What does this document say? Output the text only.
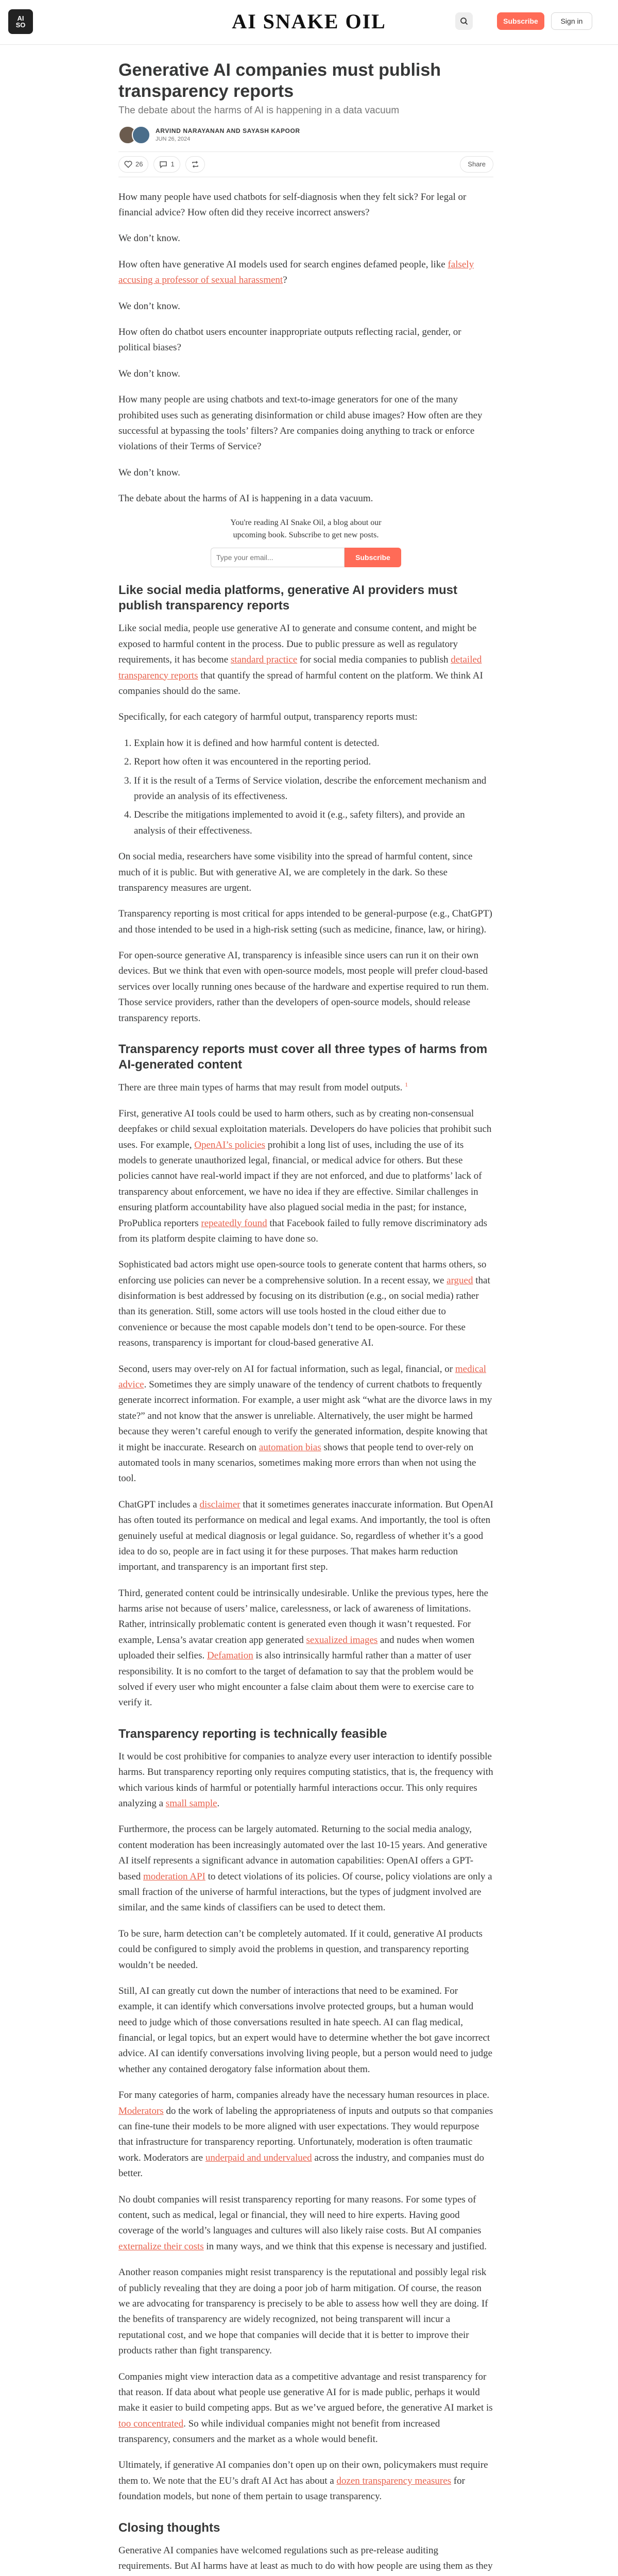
AI
SO	AI SNAKE OIL	Subscribe	Sign in
Generative AI companies must publish transparency reports
The debate about the harms of AI is happening in a data vacuum
ARVIND NARAYANAN AND SAYASH KAPOOR
JUN 26, 2024
26	1	Share

How many people have used chatbots for self-diagnosis when they felt sick? For legal or financial advice? How often did they receive incorrect answers?

We don’t know.

How often have generative AI models used for search engines defamed people, like falsely accusing a professor of sexual harassment?

We don’t know.

How often do chatbot users encounter inappropriate outputs reflecting racial, gender, or political biases?

We don’t know.

How many people are using chatbots and text-to-image generators for one of the many prohibited uses such as generating disinformation or child abuse images? How often are they successful at bypassing the tools’ filters? Are companies doing anything to track or enforce violations of their Terms of Service?

We don’t know.

The debate about the harms of AI is happening in a data vacuum.

You're reading AI Snake Oil, a blog about our upcoming book. Subscribe to get new posts.
Type your email...
Subscribe
Like social media platforms, generative AI providers must publish transparency reports

Like social media, people use generative AI to generate and consume content, and might be exposed to harmful content in the process. Due to public pressure as well as regulatory requirements, it has become standard practice for social media companies to publish detailed transparency reports that quantify the spread of harmful content on the platform. We think AI companies should do the same.

Specifically, for each category of harmful output, transparency reports must:

1. Explain how it is defined and how harmful content is detected.
2. Report how often it was encountered in the reporting period.
3. If it is the result of a Terms of Service violation, describe the enforcement mechanism and provide an analysis of its effectiveness.
4. Describe the mitigations implemented to avoid it (e.g., safety filters), and provide an analysis of their effectiveness.

On social media, researchers have some visibility into the spread of harmful content, since much of it is public. But with generative AI, we are completely in the dark. So these transparency measures are urgent.

Transparency reporting is most critical for apps intended to be general-purpose (e.g., ChatGPT) and those intended to be used in a high-risk setting (such as medicine, finance, law, or hiring).

For open-source generative AI, transparency is infeasible since users can run it on their own devices. But we think that even with open-source models, most people will prefer cloud-based services over locally running ones because of the hardware and expertise required to run them. Those service providers, rather than the developers of open-source models, should release transparency reports.

Transparency reports must cover all three types of harms from AI-generated content

There are three main types of harms that may result from model outputs. $^1$

First, generative AI tools could be used to harm others, such as by creating non-consensual deepfakes or child sexual exploitation materials. Developers do have policies that prohibit such uses. For example, OpenAI’s policies prohibit a long list of uses, including the use of its models to generate unauthorized legal, financial, or medical advice for others. But these policies cannot have real-world impact if they are not enforced, and due to platforms’ lack of transparency about enforcement, we have no idea if they are effective. Similar challenges in ensuring platform accountability have also plagued social media in the past; for instance, ProPublica reporters repeatedly found that Facebook failed to fully remove discriminatory ads from its platform despite claiming to have done so.

Sophisticated bad actors might use open-source tools to generate content that harms others, so enforcing use policies can never be a comprehensive solution. In a recent essay, we argued that disinformation is best addressed by focusing on its distribution (e.g., on social media) rather than its generation. Still, some actors will use tools hosted in the cloud either due to convenience or because the most capable models don’t tend to be open-source. For these reasons, transparency is important for cloud-based generative AI.

Second, users may over-rely on AI for factual information, such as legal, financial, or medical advice. Sometimes they are simply unaware of the tendency of current chatbots to frequently generate incorrect information. For example, a user might ask “what are the divorce laws in my state?” and not know that the answer is unreliable. Alternatively, the user might be harmed because they weren’t careful enough to verify the generated information, despite knowing that it might be inaccurate. Research on automation bias shows that people tend to over-rely on automated tools in many scenarios, sometimes making more errors than when not using the tool.

ChatGPT includes a disclaimer that it sometimes generates inaccurate information. But OpenAI has often touted its performance on medical and legal exams. And importantly, the tool is often genuinely useful at medical diagnosis or legal guidance. So, regardless of whether it’s a good idea to do so, people are in fact using it for these purposes. That makes harm reduction important, and transparency is an important first step.

Third, generated content could be intrinsically undesirable. Unlike the previous types, here the harms arise not because of users’ malice, carelessness, or lack of awareness of limitations. Rather, intrinsically problematic content is generated even though it wasn’t requested. For example, Lensa’s avatar creation app generated sexualized images and nudes when women uploaded their selfies. Defamation is also intrinsically harmful rather than a matter of user responsibility. It is no comfort to the target of defamation to say that the problem would be solved if every user who might encounter a false claim about them were to exercise care to verify it.

Transparency reporting is technically feasible

It would be cost prohibitive for companies to analyze every user interaction to identify possible harms. But transparency reporting only requires computing statistics, that is, the frequency with which various kinds of harmful or potentially harmful interactions occur. This only requires analyzing a small sample.

Furthermore, the process can be largely automated. Returning to the social media analogy, content moderation has been increasingly automated over the last 10-15 years. And generative AI itself represents a significant advance in automation capabilities: OpenAI offers a GPT-based moderation API to detect violations of its policies. Of course, policy violations are only a small fraction of the universe of harmful interactions, but the types of judgment involved are similar, and the same kinds of classifiers can be used to detect them.

To be sure, harm detection can’t be completely automated. If it could, generative AI products could be configured to simply avoid the problems in question, and transparency reporting wouldn’t be needed.

Still, AI can greatly cut down the number of interactions that need to be examined. For example, it can identify which conversations involve protected groups, but a human would need to judge which of those conversations resulted in hate speech. AI can flag medical, financial, or legal topics, but an expert would have to determine whether the bot gave incorrect advice. AI can identify conversations involving living people, but a person would need to judge whether any contained derogatory false information about them.

For many categories of harm, companies already have the necessary human resources in place. Moderators do the work of labeling the appropriateness of inputs and outputs so that companies can fine-tune their models to be more aligned with user expectations. They would repurpose that infrastructure for transparency reporting. Unfortunately, moderation is often traumatic work. Moderators are underpaid and undervalued across the industry, and companies must do better.

No doubt companies will resist transparency reporting for many reasons. For some types of content, such as medical, legal or financial, they will need to hire experts. Having good coverage of the world’s languages and cultures will also likely raise costs. But AI companies externalize their costs in many ways, and we think that this expense is necessary and justified.

Another reason companies might resist transparency is the reputational and possibly legal risk of publicly revealing that they are doing a poor job of harm mitigation. Of course, the reason we are advocating for transparency is precisely to be able to assess how well they are doing. If the benefits of transparency are widely recognized, not being transparent will incur a reputational cost, and we hope that companies will decide that it is better to improve their products rather than fight transparency.

Companies might view interaction data as a competitive advantage and resist transparency for that reason. If data about what people use generative AI for is made public, perhaps it would make it easier to build competing apps. But as we’ve argued before, the generative AI market is too concentrated. So while individual companies might not benefit from increased transparency, consumers and the market as a whole would benefit.

Ultimately, if generative AI companies don’t open up on their own, policymakers must require them to. We note that the EU’s draft AI Act has about a dozen transparency measures for foundation models, but none of them pertain to usage transparency.

Closing thoughts

Generative AI companies have welcomed regulations such as pre-release auditing requirements. But AI harms have at least as much to do with how people are using them as they
